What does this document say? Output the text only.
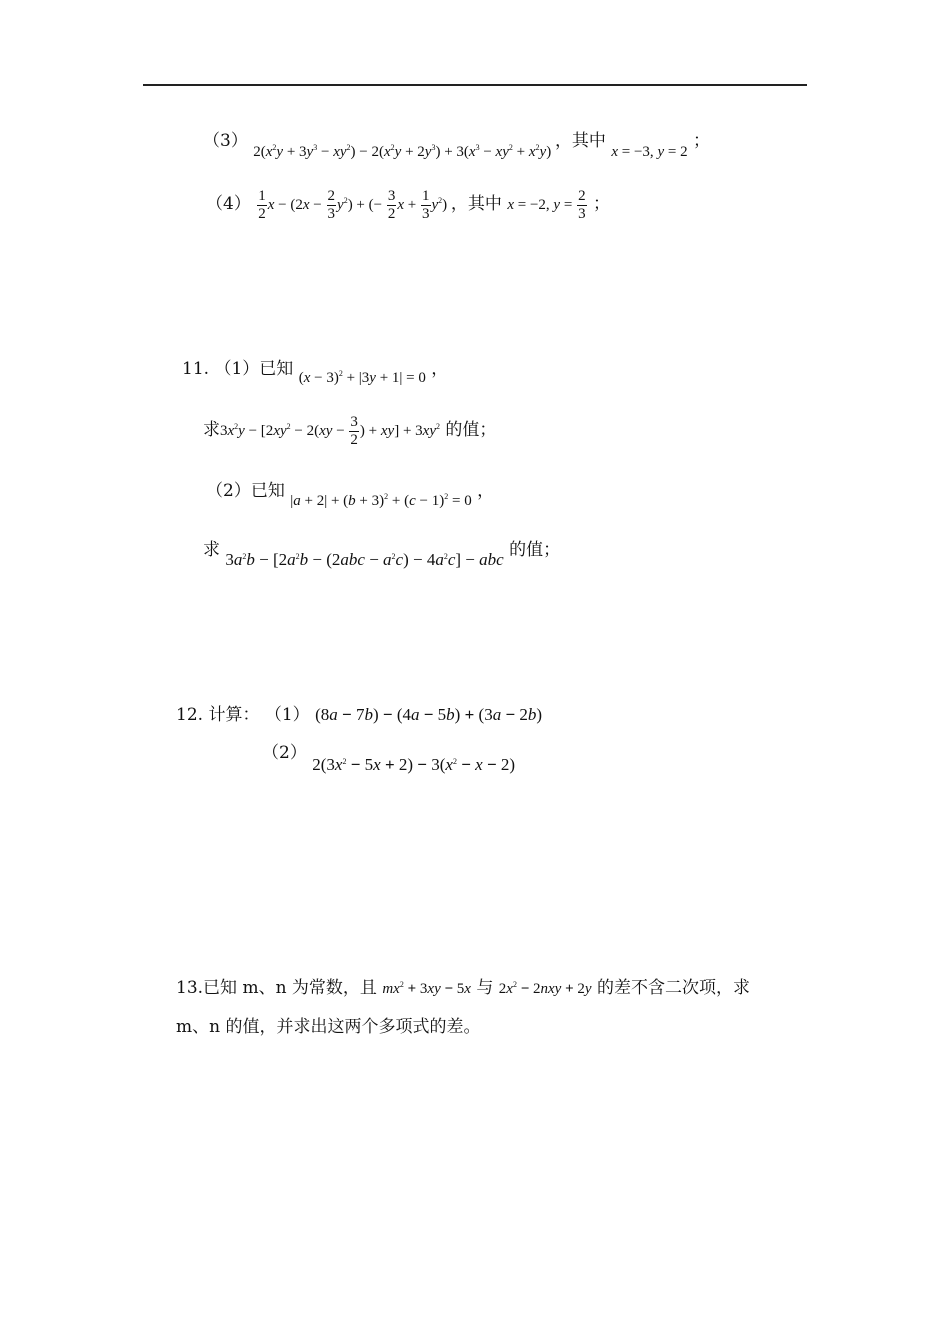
（3） $2(x^2y + 3y^3 - xy^2) - 2(x^2y + 2y^3) + 3(x^3 - xy^2 + x^2y)$ ，其中 x = −3, y = 2 ；
$(4) \frac{1}{2}$ $x - (2x - \frac{2}{3} y^2)$ + (− $\frac{3}{2}$ $x + \frac{1}{3} y^2$) ，其中 x = −2, $y = \frac{2}{3}$ ；
11. （1）已知 $(x - 3)^2 + |3y + 1| = 0$ ，
求$3x^2y - [2xy^2 - 2(xy - \frac{3}{2}$ ) + $xy] + 3xy^2$ 的值；
（2）已知 $|a + 2| + (b + 3)^2 + (c - 1)^2 = 0$ ，
求 $3a^2b - [2a^2b - (2abc - a^2c) - 4a^2c]$ − abc 的值；
12. 计算： （1） (8a − 7b) − (4a − 5b) + (3a − 2b)
（2） $2(3x^2 - 5x + 2) - 3(x^2 - x - 2)$
13.已知 m、n 为常数，且 $mx^2 + 3xy - 5x$ 与 $2x^2 - 2nxy + 2y$ 的差不含二次项，求
m、n 的值，并求出这两个多项式的差。
